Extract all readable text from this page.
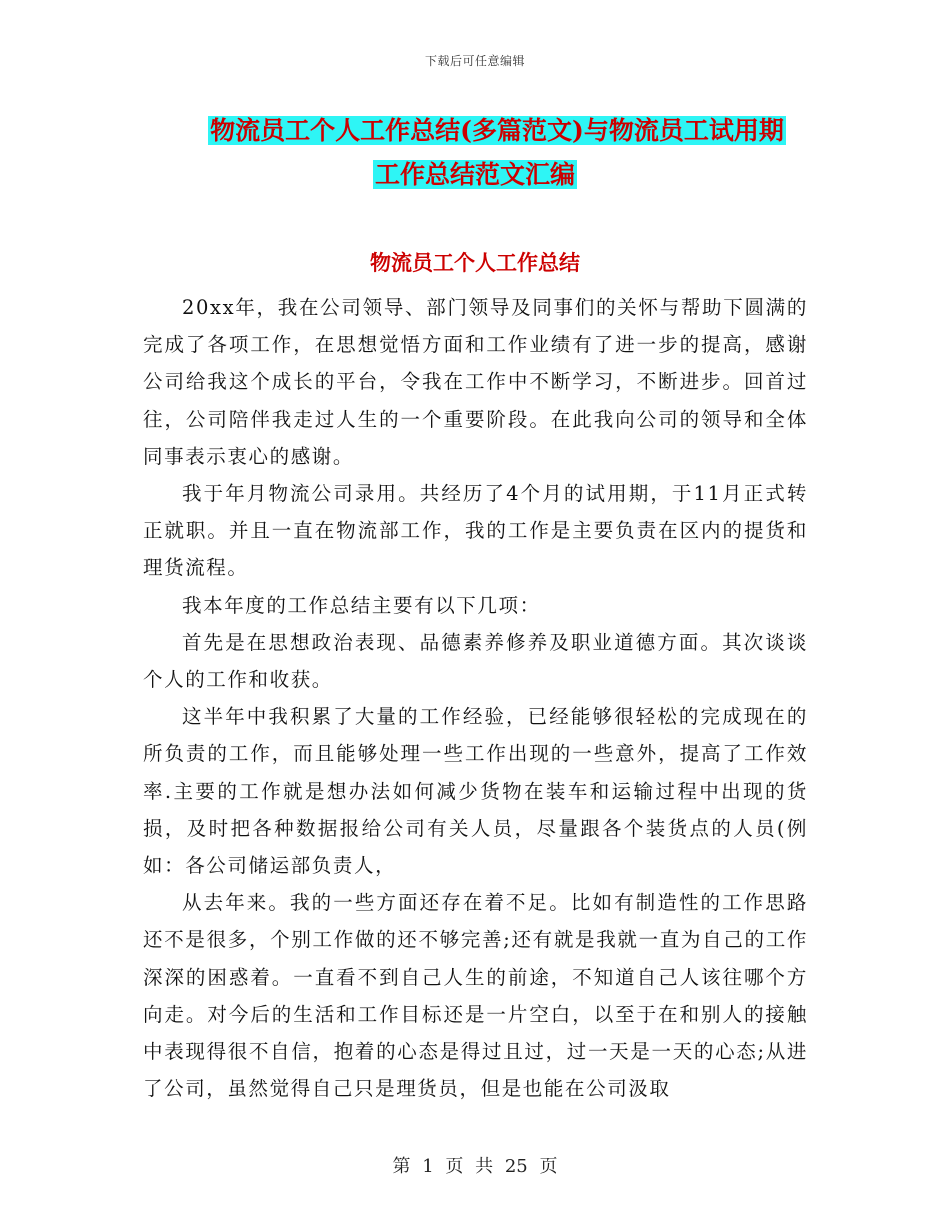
下载后可任意编辑
物流员工个人工作总结(多篇范文)与物流员工试用期
工作总结范文汇编
物流员工个人工作总结

20xx年，我在公司领导、部门领导及同事们的关怀与帮助下圆满的完成了各项工作，在思想觉悟方面和工作业绩有了进一步的提高，感谢公司给我这个成长的平台，令我在工作中不断学习，不断进步。回首过往，公司陪伴我走过人生的一个重要阶段。在此我向公司的领导和全体同事表示衷心的感谢。

我于年月物流公司录用。共经历了4个月的试用期，于11月正式转正就职。并且一直在物流部工作，我的工作是主要负责在区内的提货和理货流程。

我本年度的工作总结主要有以下几项：

首先是在思想政治表现、品德素养修养及职业道德方面。其次谈谈个人的工作和收获。

这半年中我积累了大量的工作经验，已经能够很轻松的完成现在的所负责的工作，而且能够处理一些工作出现的一些意外，提高了工作效率.主要的工作就是想办法如何减少货物在装车和运输过程中出现的货损，及时把各种数据报给公司有关人员，尽量跟各个装货点的人员(例如：各公司储运部负责人，

从去年来。我的一些方面还存在着不足。比如有制造性的工作思路还不是很多，个别工作做的还不够完善;还有就是我就一直为自己的工作深深的困惑着。一直看不到自己人生的前途，不知道自己人该往哪个方向走。对今后的生活和工作目标还是一片空白，以至于在和别人的接触中表现得很不自信，抱着的心态是得过且过，过一天是一天的心态;从进了公司，虽然觉得自己只是理货员，但是也能在公司汲取

第 1 页 共 25 页
